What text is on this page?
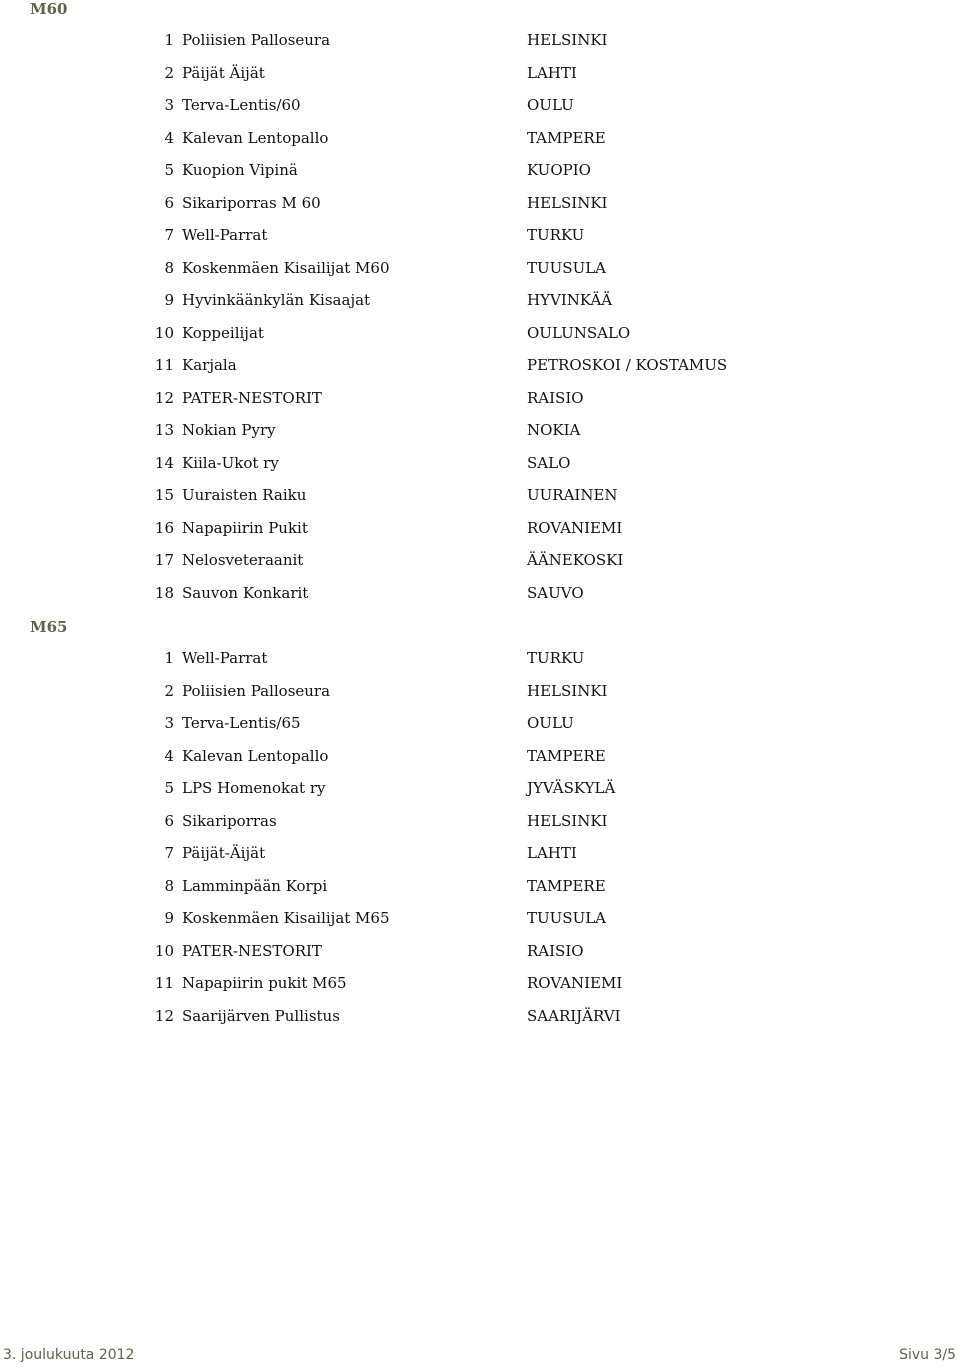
M60
1 Poliisien Palloseura	HELSINKI
2 Päijät Äijät	LAHTI
3 Terva-Lentis/60	OULU
4 Kalevan Lentopallo	TAMPERE
5 Kuopion Vipinä	KUOPIO
6 Sikariporras M 60	HELSINKI
7 Well-Parrat	TURKU
8 Koskenmäen Kisailijat M60	TUUSULA
9 Hyvinkäänkylän Kisaajat	HYVINKÄÄ
10 Koppeilijat	OULUNSALO
11 Karjala	PETROSKOI / KOSTAMUS
12 PATER-NESTORIT	RAISIO
13 Nokian Pyry	NOKIA
14 Kiila-Ukot ry	SALO
15 Uuraisten Raiku	UURAINEN
16 Napapiirin Pukit	ROVANIEMI
17 Nelosveteraanit	ÄÄNEKOSKI
18 Sauvon Konkarit	SAUVO
M65
1 Well-Parrat	TURKU
2 Poliisien Palloseura	HELSINKI
3 Terva-Lentis/65	OULU
4 Kalevan Lentopallo	TAMPERE
5 LPS Homenokat ry	JYVÄSKYLÄ
6 Sikariporras	HELSINKI
7 Päijät-Äijät	LAHTI
8 Lamminpään Korpi	TAMPERE
9 Koskenmäen Kisailijat M65	TUUSULA
10 PATER-NESTORIT	RAISIO
11 Napapiirin pukit M65	ROVANIEMI
12 Saarijärven Pullistus	SAARIJÄRVI
3. joulukuuta 2012	Sivu 3/5
